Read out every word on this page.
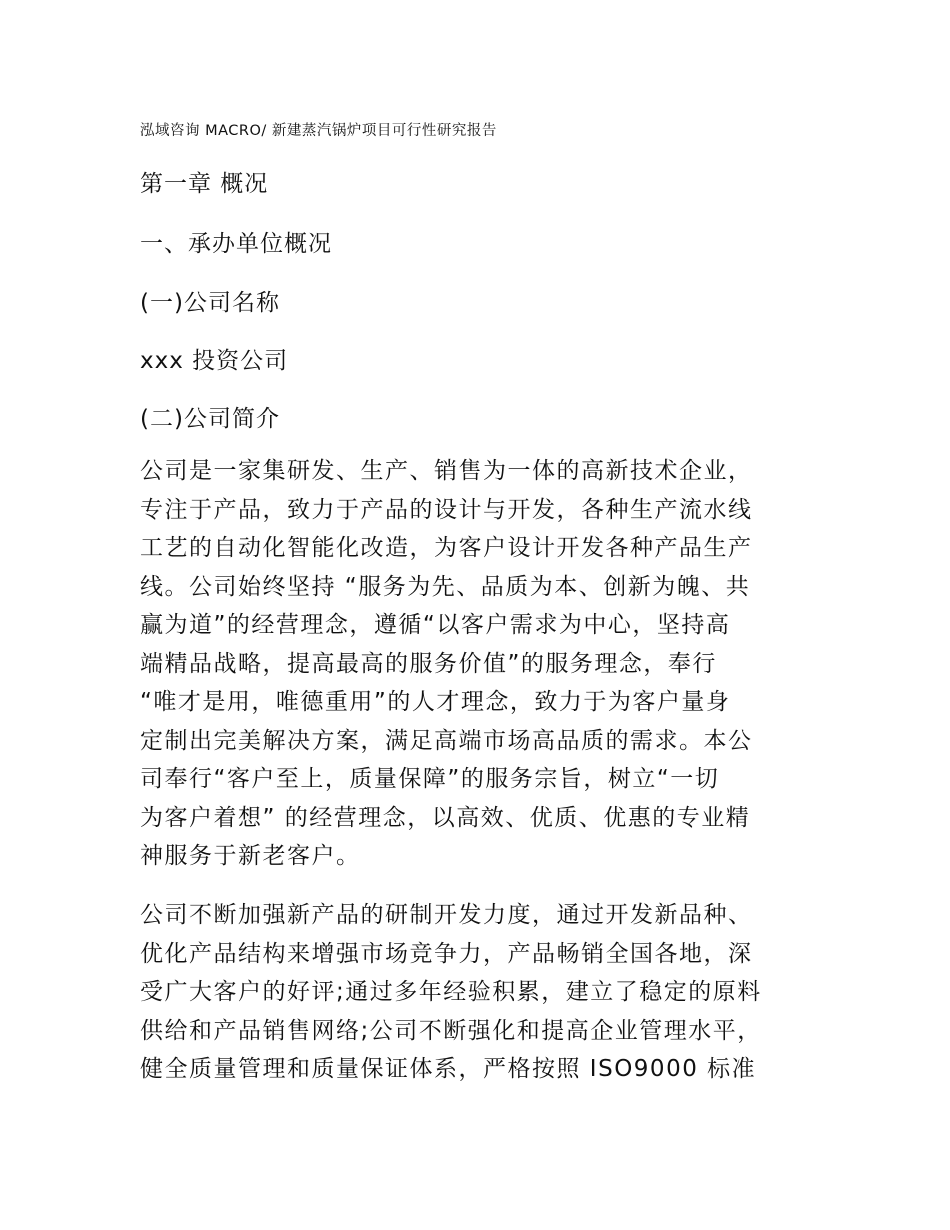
泓域咨询 MACRO/ 新建蒸汽锅炉项目可行性研究报告
第一章 概况
一、承办单位概况
(一)公司名称
xxx 投资公司
(二)公司简介
公司是一家集研发、生产、销售为一体的高新技术企业，
专注于产品，致力于产品的设计与开发，各种生产流水线
工艺的自动化智能化改造，为客户设计开发各种产品生产
线。公司始终坚持 “服务为先、品质为本、创新为魄、共
赢为道”的经营理念，遵循“以客户需求为中心，坚持高
端精品战略，提高最高的服务价值”的服务理念，奉行
“唯才是用，唯德重用”的人才理念，致力于为客户量身
定制出完美解决方案，满足高端市场高品质的需求。本公
司奉行“客户至上，质量保障”的服务宗旨，树立“一切
为客户着想” 的经营理念，以高效、优质、优惠的专业精
神服务于新老客户。
公司不断加强新产品的研制开发力度，通过开发新品种、
优化产品结构来增强市场竞争力，产品畅销全国各地，深
受广大客户的好评;通过多年经验积累，建立了稳定的原料
供给和产品销售网络;公司不断强化和提高企业管理水平，
健全质量管理和质量保证体系，严格按照 ISO9000 标准
